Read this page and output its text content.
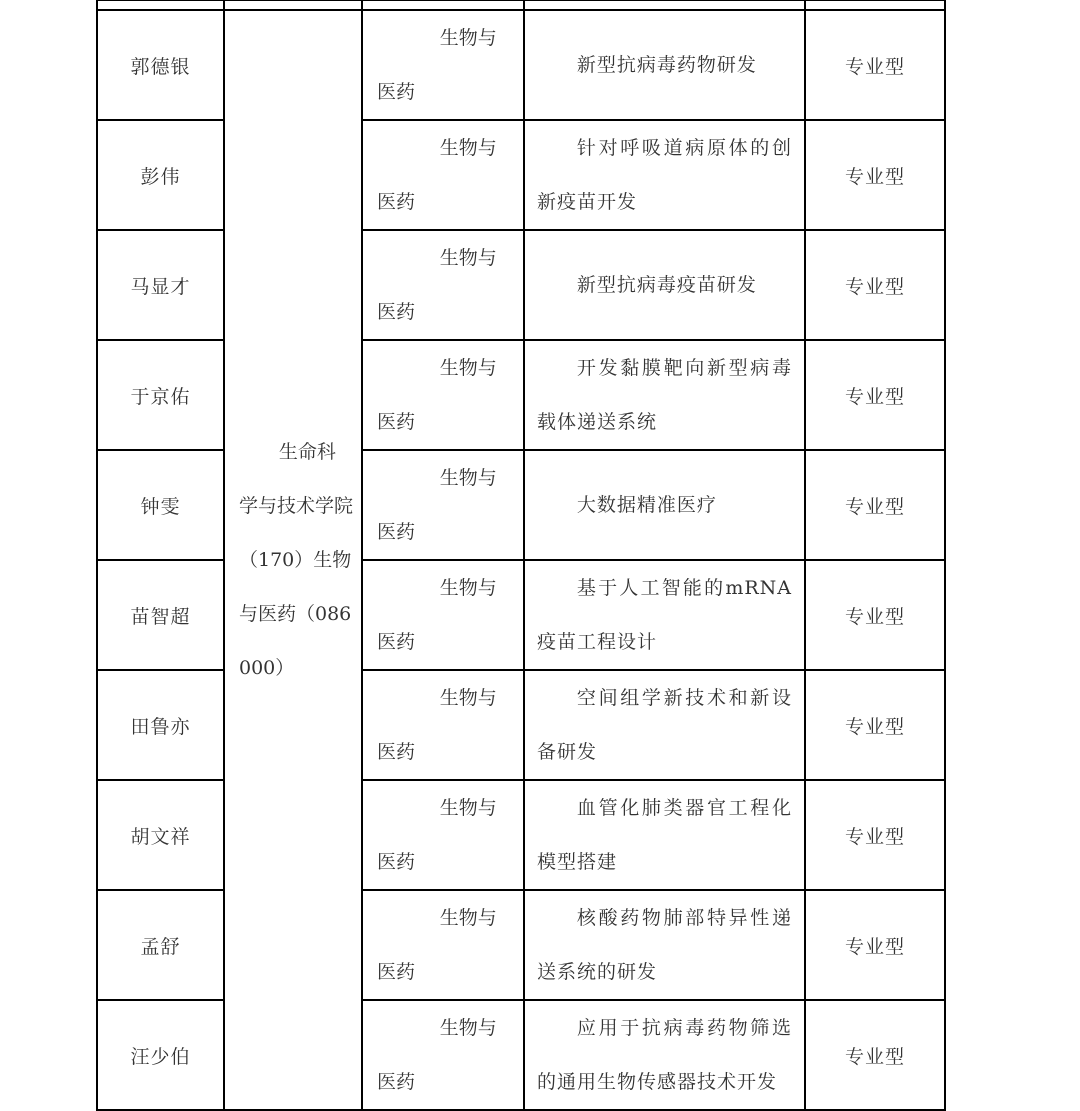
郭德银	生命科学与技术学院（170）生物与医药（086000）	生物与医药	新型抗病毒药物研发	专业型
彭伟		生物与医药	针对呼吸道病原体的创新疫苗开发	专业型
马显才		生物与医药	新型抗病毒疫苗研发	专业型
于京佑		生物与医药	开发黏膜靶向新型病毒载体递送系统	专业型
钟雯		生物与医药	大数据精准医疗	专业型
苗智超		生物与医药	基于人工智能的mRNA疫苗工程设计	专业型
田鲁亦		生物与医药	空间组学新技术和新设备研发	专业型
胡文祥		生物与医药	血管化肺类器官工程化模型搭建	专业型
孟舒		生物与医药	核酸药物肺部特异性递送系统的研发	专业型
汪少伯		生物与医药	应用于抗病毒药物筛选的通用生物传感器技术开发	专业型
